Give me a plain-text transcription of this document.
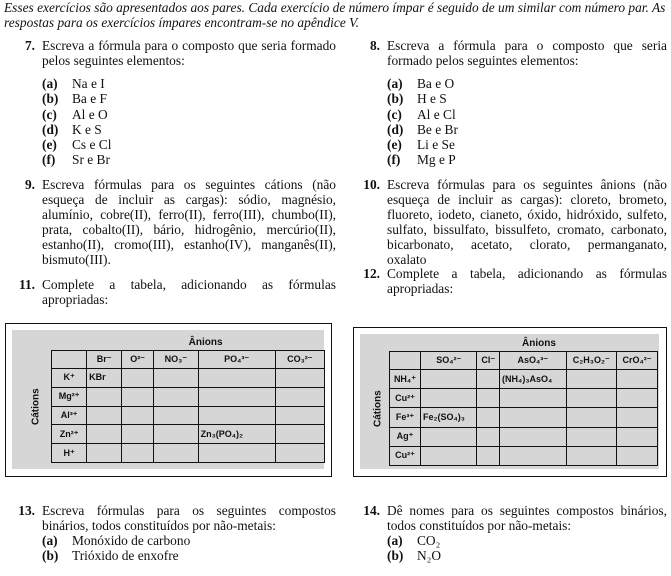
Esses exercícios são apresentados aos pares. Cada exercício de número ímpar é seguido de um similar com número par. As respostas para os exercícios ímpares encontram-se no apêndice V.
7. Escreva a fórmula para o composto que seria formado pelos seguintes elementos:
(a)	Na e I
(b)	Ba e F
(c)	Al e O
(d)	K e S
(e)	Cs e Cl
(f)	Sr e Br
9. Escreva fórmulas para os seguintes cátions (não esqueça de incluir as cargas): sódio, magnésio, alumínio, cobre(II), ferro(II), ferro(III), chumbo(II), prata, cobalto(II), bário, hidrogênio, mercúrio(II), estanho(II), cromo(III), estanho(IV), manganês(II), bismuto(III).
11. Complete a tabela, adicionando as fórmulas apropriadas:
		Ânions				
Cátions		Br⁻	O²⁻	NO₃⁻	PO₄³⁻	CO₃²⁻
	K⁺	KBr				
	Mg²⁺					
	Al³⁺					
	Zn²⁺				Zn₃(PO₄)₂	
	H⁺					
13. Escreva fórmulas para os seguintes compostos binários, todos constituídos por não-metais:
(a)	Monóxido de carbono
(b)	Trióxido de enxofre
8. Escreva a fórmula para o composto que seria formado pelos seguintes elementos:
(a)	Ba e O
(b)	H e S
(c)	Al e Cl
(d)	Be e Br
(e)	Li e Se
(f)	Mg e P
10. Escreva fórmulas para os seguintes ânions (não esqueça de incluir as cargas): cloreto, brometo, fluoreto, iodeto, cianeto, óxido, hidróxido, sulfeto, sulfato, bissulfato, bissulfeto, cromato, carbonato, bicarbonato, acetato, clorato, permanganato, oxalato
12. Complete a tabela, adicionando as fórmulas apropriadas:
		Ânions				
Cátions		SO₄²⁻	Cl⁻	AsO₄³⁻	C₂H₃O₂⁻	CrO₄²⁻
	NH₄⁺			(NH₄)₃AsO₄		
	Cu²⁺					
	Fe³⁺	Fe₂(SO₄)₃				
	Ag⁺					
	Cu²⁺					
14. Dê nomes para os seguintes compostos binários, todos constituídos por não-metais:
(a)	CO₂
(b)	N₂O
